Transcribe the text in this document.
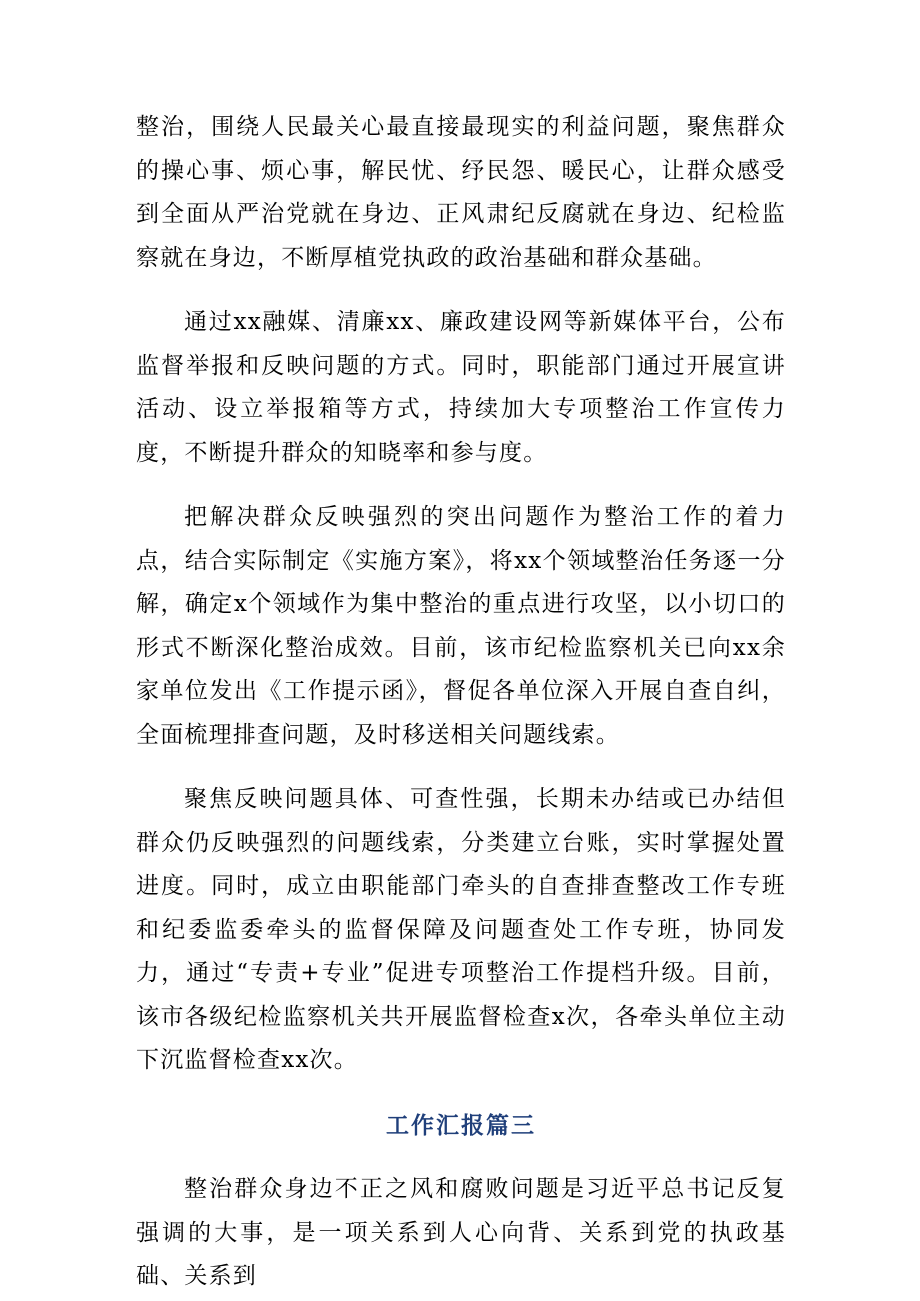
整治，围绕人民最关心最直接最现实的利益问题，聚焦群众的操心事、烦心事，解民忧、纾民怨、暖民心，让群众感受到全面从严治党就在身边、正风肃纪反腐就在身边、纪检监察就在身边，不断厚植党执政的政治基础和群众基础。

通过xx融媒、清廉xx、廉政建设网等新媒体平台，公布监督举报和反映问题的方式。同时，职能部门通过开展宣讲活动、设立举报箱等方式，持续加大专项整治工作宣传力度，不断提升群众的知晓率和参与度。

把解决群众反映强烈的突出问题作为整治工作的着力点，结合实际制定《实施方案》，将xx个领域整治任务逐一分解，确定x个领域作为集中整治的重点进行攻坚，以小切口的形式不断深化整治成效。目前，该市纪检监察机关已向xx余家单位发出《工作提示函》，督促各单位深入开展自查自纠，全面梳理排查问题，及时移送相关问题线索。

聚焦反映问题具体、可查性强，长期未办结或已办结但群众仍反映强烈的问题线索，分类建立台账，实时掌握处置进度。同时，成立由职能部门牵头的自查排查整改工作专班和纪委监委牵头的监督保障及问题查处工作专班，协同发力，通过“专责+专业”促进专项整治工作提档升级。目前，该市各级纪检监察机关共开展监督检查x次，各牵头单位主动下沉监督检查xx次。

工作汇报篇三

整治群众身边不正之风和腐败问题是习近平总书记反复强调的大事，是一项关系到人心向背、关系到党的执政基础、关系到
